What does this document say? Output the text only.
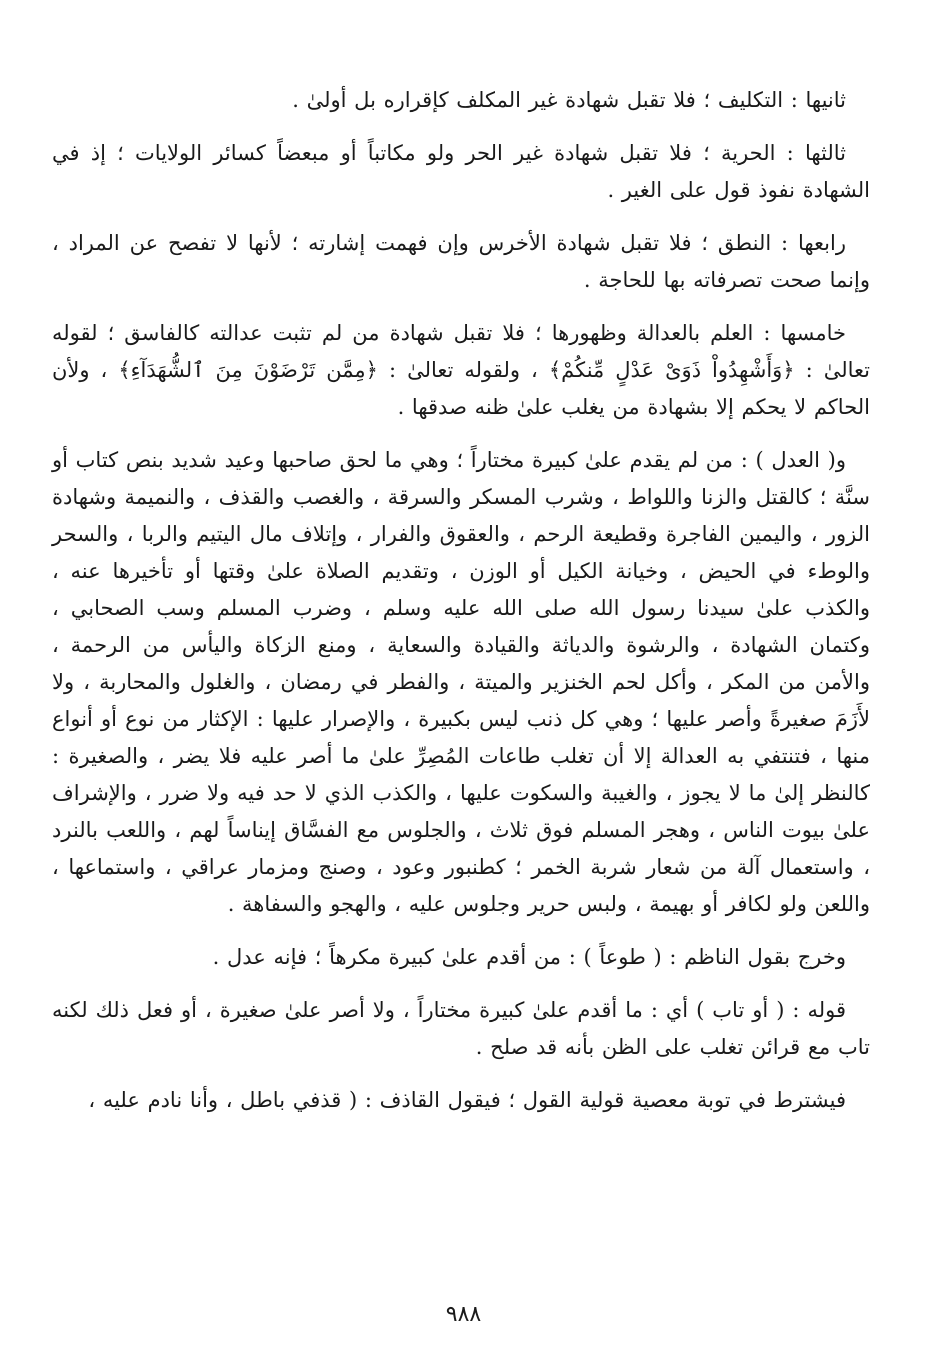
ثانيها : التكليف ؛ فلا تقبل شهادة غير المكلف كإقراره بل أولىٰ .

ثالثها : الحرية ؛ فلا تقبل شهادة غير الحر ولو مكاتباً أو مبعضاً كسائر الولايات ؛ إذ في الشهادة نفوذ قول على الغير .

رابعها : النطق ؛ فلا تقبل شهادة الأخرس وإن فهمت إشارته ؛ لأنها لا تفصح عن المراد ، وإنما صحت تصرفاته بها للحاجة .

خامسها : العلم بالعدالة وظهورها ؛ فلا تقبل شهادة من لم تثبت عدالته كالفاسق ؛ لقوله تعالىٰ : ﴿وَأَشْهِدُواْ ذَوَىْ عَدْلٍ مِّنكُمْ﴾ ، ولقوله تعالىٰ : ﴿مِمَّن تَرْضَوْنَ مِنَ ٱلشُّهَدَآءِ﴾ ، ولأن الحاكم لا يحكم إلا بشهادة من يغلب علىٰ ظنه صدقها .

و( العدل ) : من لم يقدم علىٰ كبيرة مختاراً ؛ وهي ما لحق صاحبها وعيد شديد بنص كتاب أو سنَّة ؛ كالقتل والزنا واللواط ، وشرب المسكر والسرقة ، والغصب والقذف ، والنميمة وشهادة الزور ، واليمين الفاجرة وقطيعة الرحم ، والعقوق والفرار ، وإتلاف مال اليتيم والربا ، والسحر والوطء في الحيض ، وخيانة الكيل أو الوزن ، وتقديم الصلاة علىٰ وقتها أو تأخيرها عنه ، والكذب علىٰ سيدنا رسول الله صلى الله عليه وسلم ، وضرب المسلم وسب الصحابي ، وكتمان الشهادة ، والرشوة والدياثة والقيادة والسعاية ، ومنع الزكاة واليأس من الرحمة ، والأمن من المكر ، وأكل لحم الخنزير والميتة ، والفطر في رمضان ، والغلول والمحاربة ، ولا لأَزَمَ صغيرةً وأصر عليها ؛ وهي كل ذنب ليس بكبيرة ، والإصرار عليها : الإكثار من نوع أو أنواع منها ، فتنتفي به العدالة إلا أن تغلب طاعات المُصِرِّ علىٰ ما أصر عليه فلا يضر ، والصغيرة : كالنظر إلىٰ ما لا يجوز ، والغيبة والسكوت عليها ، والكذب الذي لا حد فيه ولا ضرر ، والإشراف علىٰ بيوت الناس ، وهجر المسلم فوق ثلاث ، والجلوس مع الفسَّاق إيناساً لهم ، واللعب بالنرد ، واستعمال آلة من شعار شربة الخمر ؛ كطنبور وعود ، وصنج ومزمار عراقي ، واستماعها ، واللعن ولو لكافر أو بهيمة ، ولبس حرير وجلوس عليه ، والهجو والسفاهة .

وخرج بقول الناظم : ( طوعاً ) : من أقدم علىٰ كبيرة مكرهاً ؛ فإنه عدل .

قوله : ( أو تاب ) أي : ما أقدم علىٰ كبيرة مختاراً ، ولا أصر علىٰ صغيرة ، أو فعل ذلك لكنه تاب مع قرائن تغلب على الظن بأنه قد صلح .

فيشترط في توبة معصية قولية القول ؛ فيقول القاذف : ( قذفي باطل ، وأنا نادم عليه ،

٩٨٨
